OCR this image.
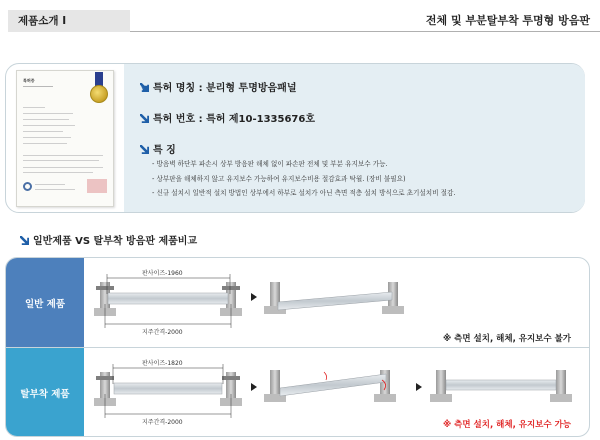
제품소개 I	전체 및 부분탈부착 투명형 방음판
특허증
특허 명칭 : 분리형 투명방음패널
특허 번호 : 특허 제10-1335676호
특 징
- 방음벽 하단부 파손시 상부 방음판 해체 없이 파손판 전체 및 부분 유지보수 가능.
- 상부판을 해체하지 않고 유지보수 가능하여 유지보수비용 절감효과 탁월. (장비 불필요)
- 신규 설치시 일반적 설치 방법인 상부에서 하부로 설치가 아닌 측면 적층 설치 방식으로 초기설치비 절감.
일반제품 VS 탈부착 방음판 제품비교
일반 제품
탈부착 제품
판사이즈-1960
지주간격-2000
※ 측면 설치, 해체, 유지보수 불가
판사이즈-1820
지주간격-2000	※ 측면 설치, 해체, 유지보수 가능
